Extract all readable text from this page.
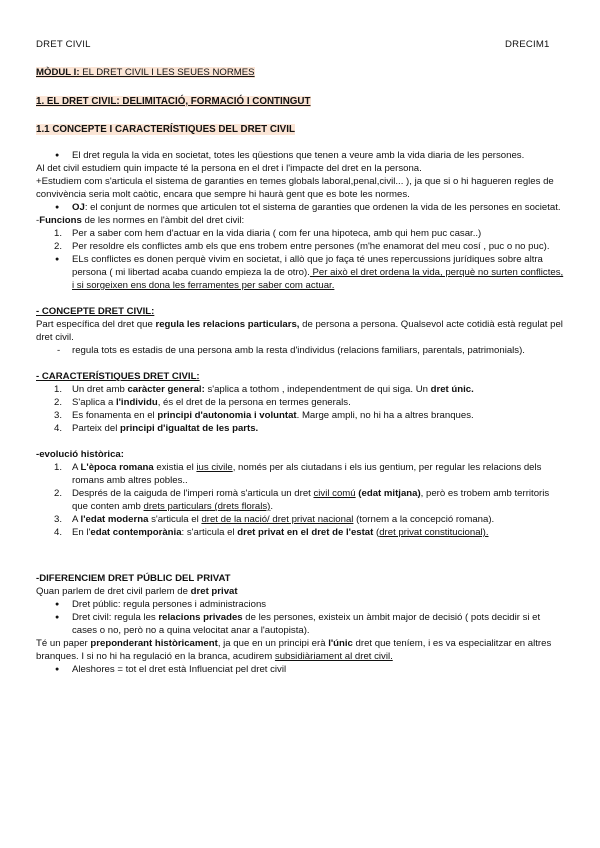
DRET CIVIL	DRECIM1
MÒDUL I: EL DRET CIVIL I LES SEUES NORMES
1. EL DRET CIVIL: DELIMITACIÓ, FORMACIÓ I CONTINGUT
1.1 CONCEPTE I CARACTERÍSTIQUES DEL DRET CIVIL
● El dret regula la vida en societat, totes les qüestions que tenen a veure amb la vida diaria de les persones.

Al det civil estudiem quin impacte té la persona en el dret i l'impacte del dret en la persona.

+Estudiem com s'articula el sistema de garanties en temes globals laboral,penal,civil... ), ja que si o hi hagueren regles de convivència seria molt caòtic, encara que sempre hi haurà gent que es bote les normes.

● OJ: el conjunt de normes que articulen tot el sistema de garanties que ordenen la vida de les persones en societat.

-Funcions de les normes en l'àmbit del dret civil:

1. Per a saber com hem d'actuar en la vida diaria ( com fer una hipoteca, amb qui hem puc casar..)
2. Per resoldre els conflictes amb els que ens trobem entre persones (m'he enamorat del meu cosí , puc o no puc).
● ELs conflictes es donen perquè vivim en societat, i allò que jo faça té unes repercussions jurídiques sobre altra persona ( mi libertad acaba cuando empieza la de otro). Per això el dret ordena la vida, perquè no surten conflictes, i si sorgeixen ens dona les ferramentes per saber com actuar.

- CONCEPTE DRET CIVIL:

Part específica del dret que regula les relacions particulars, de persona a persona. Qualsevol acte cotidià està regulat pel dret civil.

- regula tots es estadis de una persona amb la resta d'individus (relacions familiars, parentals, patrimonials).

- CARACTERÍSTIQUES DRET CIVIL:

1. Un dret amb caràcter general: s'aplica a tothom , independentment de qui siga. Un dret únic.
2. S'aplica a l'individu, és el dret de la persona en termes generals.
3. Es fonamenta en el principi d'autonomia i voluntat. Marge ampli, no hi ha a altres branques.
4. Parteix del principi d'igualtat de les parts.

-evolució històrica:

1. A L'època romana existia el ius civile, només per als ciutadans i els ius gentium, per regular les relacions dels romans amb altres pobles..
2. Després de la caiguda de l'imperi romà s'articula un dret civil comú (edat mitjana), però es trobem amb territoris que conten amb drets particulars (drets florals).
3. A l'edat moderna s'articula el dret de la nació/ dret privat nacional (tornem a la concepció romana).
4. En l'edat contemporània: s'articula el dret privat en el dret de l'estat (dret privat constitucional).

-DIFERENCIEM DRET PÚBLIC DEL PRIVAT

Quan parlem de dret civil parlem de dret privat

● Dret públic: regula persones i administracions
● Dret civil: regula les relacions privades de les persones, existeix un àmbit major de decisió ( pots decidir si et cases o no, però no a quina velocitat anar a l'autopista).

Té un paper preponderant històricament, ja que en un principi erà l'únic dret que teníem, i es va especialitzar en altres branques. I si no hi ha regulació en la branca, acudirem subsidiàriament al dret civil.

● Aleshores = tot el dret està Influenciat pel dret civil
